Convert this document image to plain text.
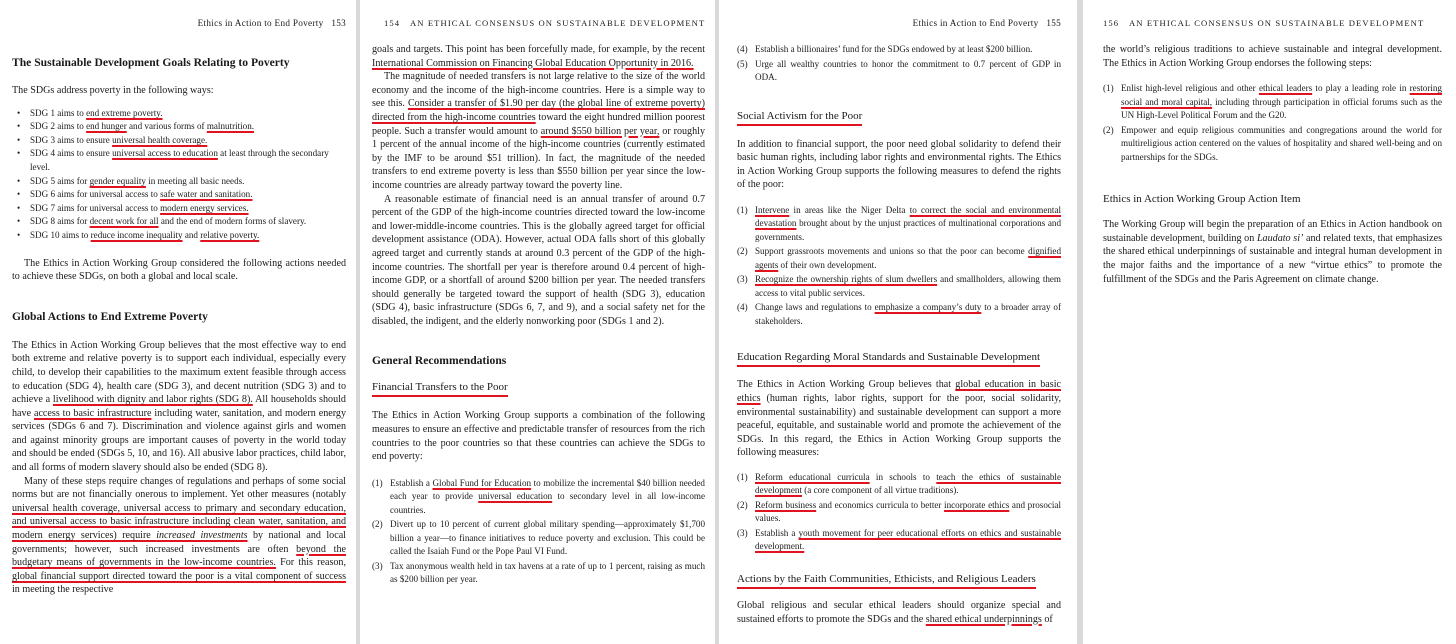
Ethics in Action to End Poverty 153
The Sustainable Development Goals Relating to Poverty

The SDGs address poverty in the following ways:

• SDG 1 aims to end extreme poverty.
• SDG 2 aims to end hunger and various forms of malnutrition.
• SDG 3 aims to ensure universal health coverage.
• SDG 4 aims to ensure universal access to education at least through the secondary level.
• SDG 5 aims for gender equality in meeting all basic needs.
• SDG 6 aims for universal access to safe water and sanitation.
• SDG 7 aims for universal access to modern energy services.
• SDG 8 aims for decent work for all and the end of modern forms of slavery.
• SDG 10 aims to reduce income inequality and relative poverty.

The Ethics in Action Working Group considered the following actions needed to achieve these SDGs, on both a global and local scale.

Global Actions to End Extreme Poverty

The Ethics in Action Working Group believes that the most effective way to end both extreme and relative poverty is to support each individual, especially every child, to develop their capabilities to the maximum extent feasible through access to education (SDG 4), health care (SDG 3), and decent nutrition (SDG 3) and to achieve a livelihood with dignity and labor rights (SDG 8). All households should have access to basic infrastructure including water, sanitation, and modern energy services (SDGs 6 and 7). Discrimination and violence against girls and women and against minority groups are important causes of poverty in the world today and should be ended (SDGs 5, 10, and 16). All abusive labor practices, child labor, and all forms of modern slavery should also be ended (SDG 8).

Many of these steps require changes of regulations and perhaps of some social norms but are not financially onerous to implement. Yet other measures (notably universal health coverage, universal access to primary and secondary education, and universal access to basic infrastructure including clean water, sanitation, and modern energy services) require increased investments by national and local governments; however, such increased investments are often beyond the budgetary means of governments in the low-income countries. For this reason, global financial support directed toward the poor is a vital component of success in meeting the respective

154 AN ETHICAL CONSENSUS ON SUSTAINABLE DEVELOPMENT

goals and targets. This point has been forcefully made, for example, by the recent International Commission on Financing Global Education Opportunity in 2016.

The magnitude of needed transfers is not large relative to the size of the world economy and the income of the high-income countries. Here is a simple way to see this. Consider a transfer of $1.90 per day (the global line of extreme poverty) directed from the high-income countries toward the eight hundred million poorest people. Such a transfer would amount to around $550 billion per year, or roughly 1 percent of the annual income of the high-income countries (currently estimated by the IMF to be around $51 trillion). In fact, the magnitude of the needed transfers to end extreme poverty is less than $550 billion per year since the low-income countries are already partway toward the poverty line.

A reasonable estimate of financial need is an annual transfer of around 0.7 percent of the GDP of the high-income countries directed toward the low-income and lower-middle-income countries. This is the globally agreed target for official development assistance (ODA). However, actual ODA falls short of this globally agreed target and currently stands at around 0.3 percent of the GDP of the high-income countries. The shortfall per year is therefore around 0.4 percent of high-income GDP, or a shortfall of around $200 billion per year. The needed transfers should generally be targeted toward the support of health (SDG 3), education (SDG 4), basic infrastructure (SDGs 6, 7, and 9), and a social safety net for the disabled, the indigent, and the elderly nonworking poor (SDGs 1 and 2).

General Recommendations
Financial Transfers to the Poor

The Ethics in Action Working Group supports a combination of the following measures to ensure an effective and predictable transfer of resources from the rich countries to the poor countries so that these countries can achieve the SDGs to end poverty:

(1) Establish a Global Fund for Education to mobilize the incremental $40 billion needed each year to provide universal education to secondary level in all low-income countries.
(2) Divert up to 10 percent of current global military spending—approximately $1,700 billion a year—to finance initiatives to reduce poverty and exclusion. This could be called the Isaiah Fund or the Pope Paul VI Fund.
(3) Tax anonymous wealth held in tax havens at a rate of up to 1 percent, raising as much as $200 billion per year.
Ethics in Action to End Poverty 155
(4) Establish a billionaires’ fund for the SDGs endowed by at least $200 billion.
(5) Urge all wealthy countries to honor the commitment to 0.7 percent of GDP in ODA.
Social Activism for the Poor

In addition to financial support, the poor need global solidarity to defend their basic human rights, including labor rights and environmental rights. The Ethics in Action Working Group supports the following measures to defend the rights of the poor:

(1) Intervene in areas like the Niger Delta to correct the social and environmental devastation brought about by the unjust practices of multinational corporations and governments.
(2) Support grassroots movements and unions so that the poor can become dignified agents of their own development.
(3) Recognize the ownership rights of slum dwellers and smallholders, allowing them access to vital public services.
(4) Change laws and regulations to emphasize a company’s duty to a broader array of stakeholders.
Education Regarding Moral Standards and Sustainable Development

The Ethics in Action Working Group believes that global education in basic ethics (human rights, labor rights, support for the poor, social solidarity, environmental sustainability) and sustainable development can support a more peaceful, equitable, and sustainable world and promote the achievement of the SDGs. In this regard, the Ethics in Action Working Group supports the following measures:

(1) Reform educational curricula in schools to teach the ethics of sustainable development (a core component of all virtue traditions).
(2) Reform business and economics curricula to better incorporate ethics and prosocial values.
(3) Establish a youth movement for peer educational efforts on ethics and sustainable development.
Actions by the Faith Communities, Ethicists, and Religious Leaders

Global religious and secular ethical leaders should organize special and sustained efforts to promote the SDGs and the shared ethical underpinnings of

156 AN ETHICAL CONSENSUS ON SUSTAINABLE DEVELOPMENT

the world’s religious traditions to achieve sustainable and integral development. The Ethics in Action Working Group endorses the following steps:

(1) Enlist high-level religious and other ethical leaders to play a leading role in restoring social and moral capital, including through participation in official forums such as the UN High-Level Political Forum and the G20.
(2) Empower and equip religious communities and congregations around the world for multireligious action centered on the values of hospitality and shared well-being and on partnerships for the SDGs.
Ethics in Action Working Group Action Item

The Working Group will begin the preparation of an Ethics in Action handbook on sustainable development, building on Laudato si’ and related texts, that emphasizes the shared ethical underpinnings of sustainable and integral human development in the major faiths and the importance of a new “virtue ethics” to promote the fulfillment of the SDGs and the Paris Agreement on climate change.
